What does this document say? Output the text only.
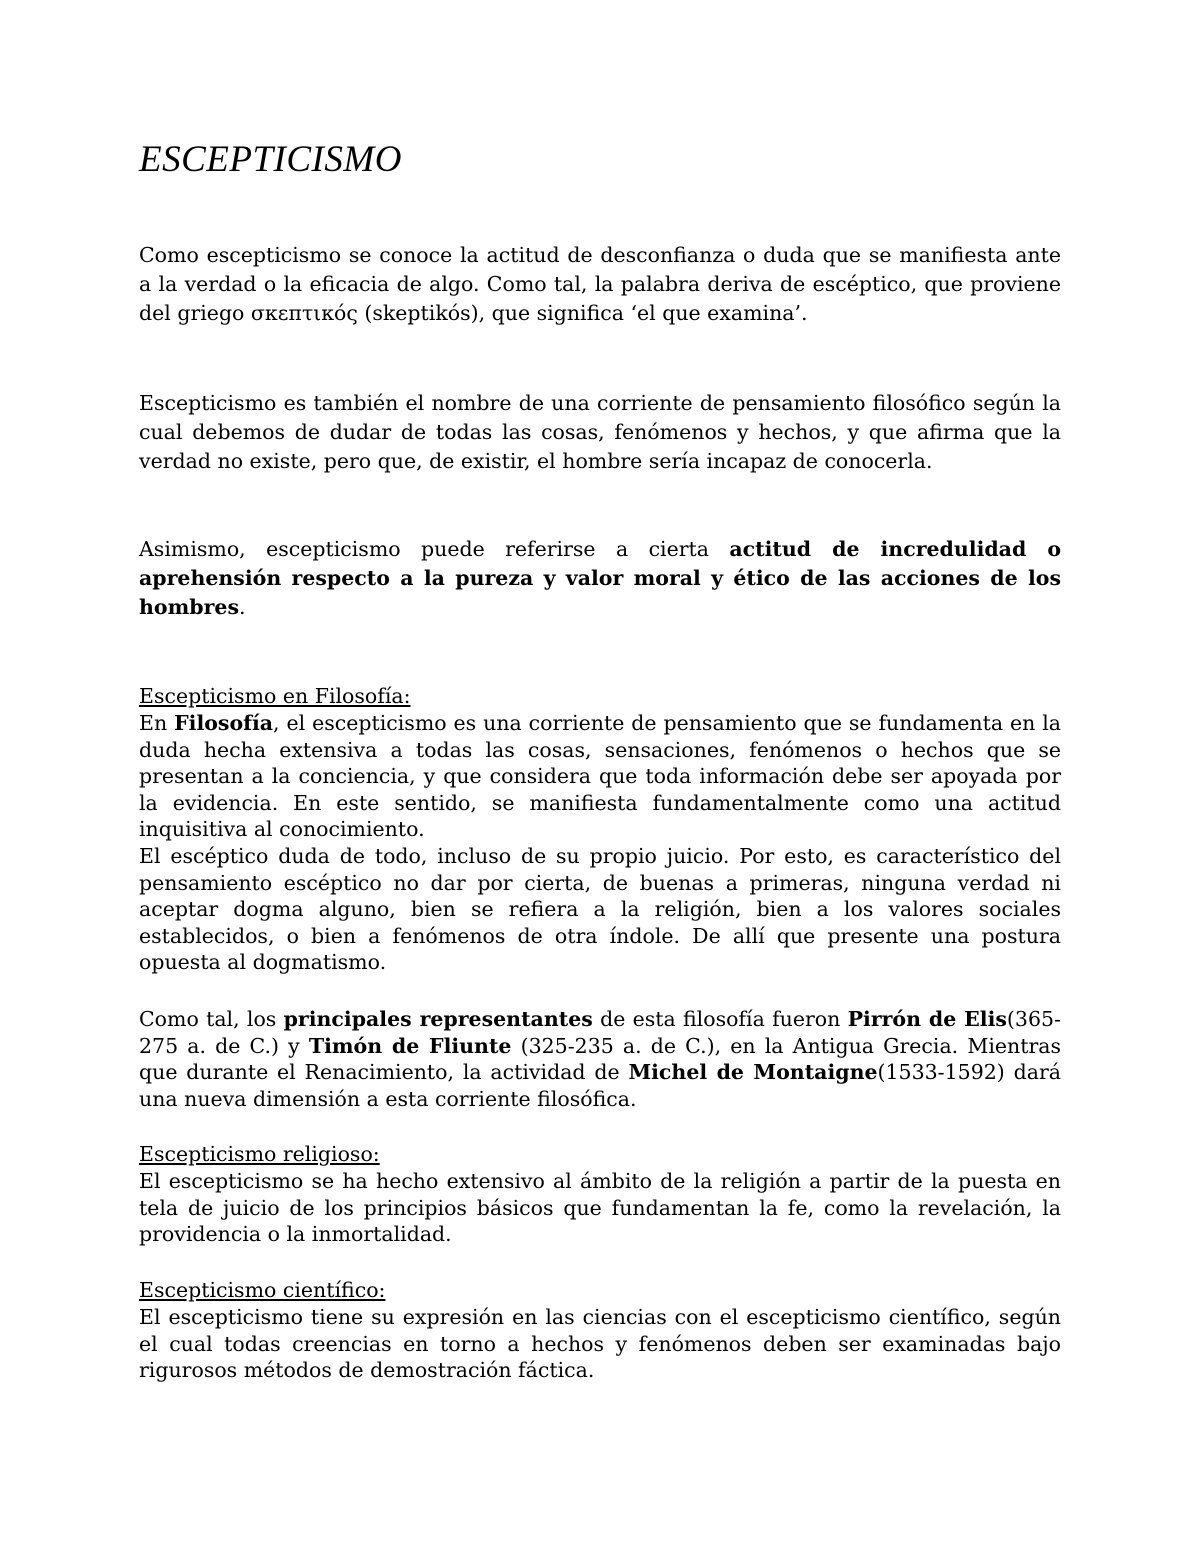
ESCEPTICISMO

Como escepticismo se conoce la actitud de desconfianza o duda que se manifiesta ante a la verdad o la eficacia de algo. Como tal, la palabra deriva de escéptico, que proviene del griego σκεπτικός (skeptikós), que significa ‘el que examina’.

Escepticismo es también el nombre de una corriente de pensamiento filosófico según la cual debemos de dudar de todas las cosas, fenómenos y hechos, y que afirma que la verdad no existe, pero que, de existir, el hombre sería incapaz de conocerla.

Asimismo, escepticismo puede referirse a cierta actitud de incredulidad o aprehensión respecto a la pureza y valor moral y ético de las acciones de los hombres.

Escepticismo en Filosofía:

En Filosofía, el escepticismo es una corriente de pensamiento que se fundamenta en la duda hecha extensiva a todas las cosas, sensaciones, fenómenos o hechos que se presentan a la conciencia, y que considera que toda información debe ser apoyada por la evidencia. En este sentido, se manifiesta fundamentalmente como una actitud inquisitiva al conocimiento.

El escéptico duda de todo, incluso de su propio juicio. Por esto, es característico del pensamiento escéptico no dar por cierta, de buenas a primeras, ninguna verdad ni aceptar dogma alguno, bien se refiera a la religión, bien a los valores sociales establecidos, o bien a fenómenos de otra índole. De allí que presente una postura opuesta al dogmatismo.

Como tal, los principales representantes de esta filosofía fueron Pirrón de Elis(365-275 a. de C.) y Timón de Fliunte (325-235 a. de C.), en la Antigua Grecia. Mientras que durante el Renacimiento, la actividad de Michel de Montaigne(1533-1592) dará una nueva dimensión a esta corriente filosófica.

Escepticismo religioso:

El escepticismo se ha hecho extensivo al ámbito de la religión a partir de la puesta en tela de juicio de los principios básicos que fundamentan la fe, como la revelación, la providencia o la inmortalidad.

Escepticismo científico:

El escepticismo tiene su expresión en las ciencias con el escepticismo científico, según el cual todas creencias en torno a hechos y fenómenos deben ser examinadas bajo rigurosos métodos de demostración fáctica.
